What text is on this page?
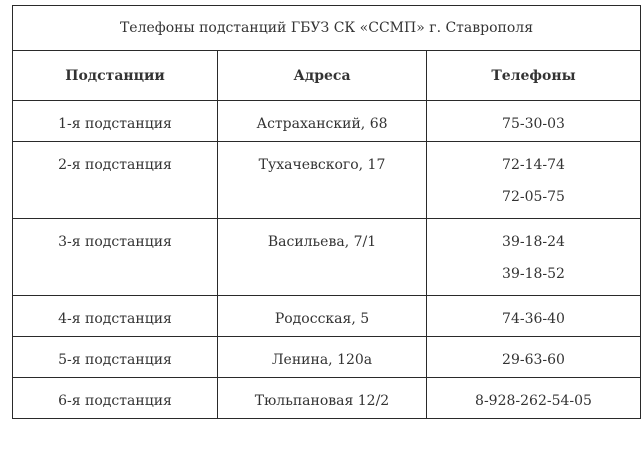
Телефоны подстанций ГБУЗ СК «ССМП» г. Ставрополя		
Подстанции	Адреса	Телефоны
1-я подстанция	Астраханский, 68	75-30-03

2-я подстанция	Тухачевского, 17	72-14-74
72-05-75

3-я подстанция	Васильева, 7/1	39-18-24
39-18-52

4-я подстанция	Родосская, 5	74-36-40

5-я подстанция	Ленина, 120а	29-63-60

6-я подстанция	Тюльпановая 12/2	8-928-262-54-05
